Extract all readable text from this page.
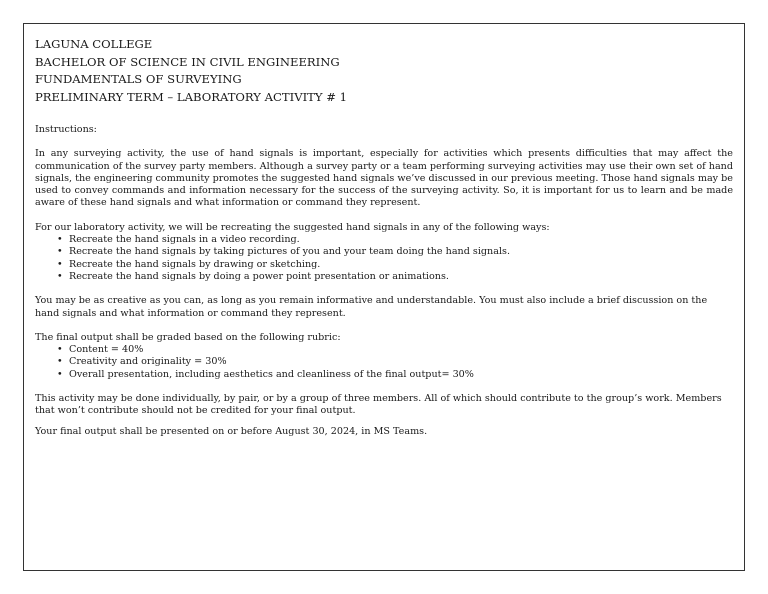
LAGUNA COLLEGE

BACHELOR OF SCIENCE IN CIVIL ENGINEERING

FUNDAMENTALS OF SURVEYING

PRELIMINARY TERM – LABORATORY ACTIVITY # 1

Instructions:

In any surveying activity, the use of hand signals is important, especially for activities which presents difficulties that may affect the communication of the survey party members. Although a survey party or a team performing surveying activities may use their own set of hand signals, the engineering community promotes the suggested hand signals we’ve discussed in our previous meeting. Those hand signals may be used to convey commands and information necessary for the success of the surveying activity. So, it is important for us to learn and be made aware of these hand signals and what information or command they represent.

For our laboratory activity, we will be recreating the suggested hand signals in any of the following ways:
• Recreate the hand signals in a video recording.
• Recreate the hand signals by taking pictures of you and your team doing the hand signals.
• Recreate the hand signals by drawing or sketching.
• Recreate the hand signals by doing a power point presentation or animations.

You may be as creative as you can, as long as you remain informative and understandable. You must also include a brief discussion on the hand signals and what information or command they represent.

The final output shall be graded based on the following rubric:
• Content = 40%
• Creativity and originality = 30%
• Overall presentation, including aesthetics and cleanliness of the final output= 30%

This activity may be done individually, by pair, or by a group of three members. All of which should contribute to the group’s work. Members that won’t contribute should not be credited for your final output.

Your final output shall be presented on or before August 30, 2024, in MS Teams.
